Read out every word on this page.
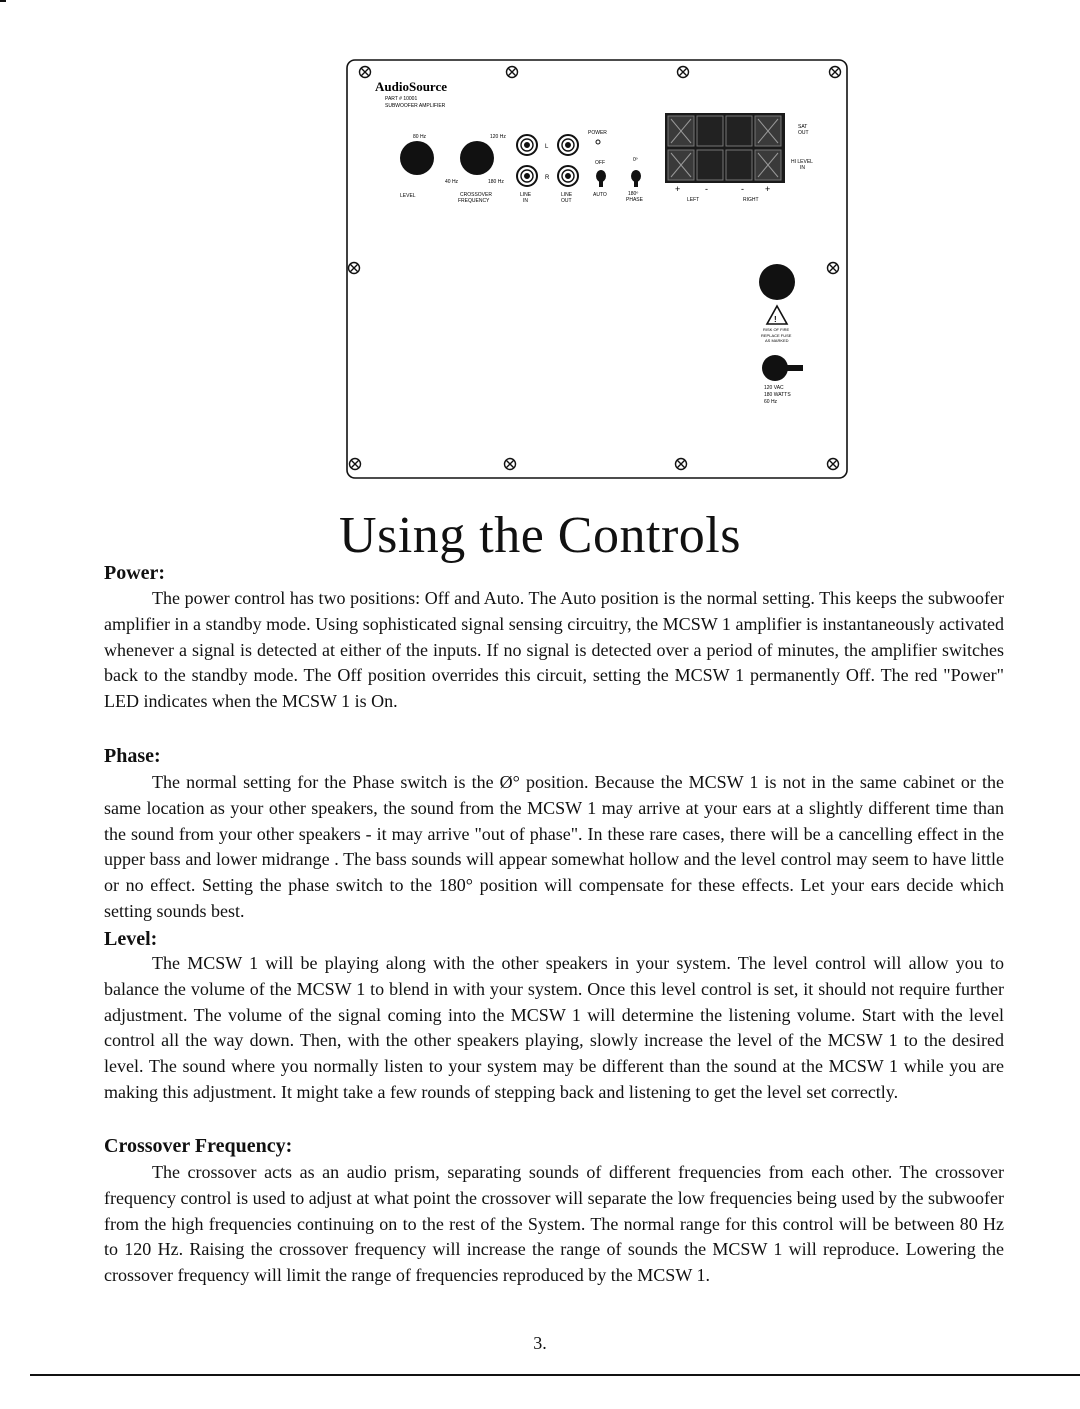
AudioSource
PART # 10001
SUBWOOFER AMPLIFIER
80 Hz	120 Hz
40 Hz	180 Hz
LEVEL	CROSSOVER
FREQUENCY
L
R
LINE
IN
LINE
OUT
POWER
OFF	0º
AUTO	180º
PHASE
+	-	- +
LEFT	RIGHT
SAT
OUT
HI LEVEL
IN
!
RISK OF FIRE
REPLACE FUSE
AS MARKED
120 VAC
180 WATTS
60 Hz
Using the Controls
Power:

The power control has two positions: Off and Auto. The Auto position is the normal setting. This keeps the subwoofer amplifier in a standby mode. Using sophisticated signal sensing circuitry, the MCSW 1 amplifier is instantaneously activated whenever a signal is detected at either of the inputs. If no signal is detected over a period of minutes, the amplifier switches back to the standby mode. The Off position overrides this circuit, setting the MCSW 1 permanently Off. The red "Power" LED indicates when the MCSW 1 is On.

Phase:

The normal setting for the Phase switch is the Ø° position. Because the MCSW 1 is not in the same cabinet or the same location as your other speakers, the sound from the MCSW 1 may arrive at your ears at a slightly different time than the sound from your other speakers - it may arrive "out of phase". In these rare cases, there will be a cancelling effect in the upper bass and lower midrange . The bass sounds will appear somewhat hollow and the level control may seem to have little or no effect. Setting the phase switch to the 180° position will compensate for these effects. Let your ears decide which setting sounds best.

Level:

The MCSW 1 will be playing along with the other speakers in your system. The level control will allow you to balance the volume of the MCSW 1 to blend in with your system. Once this level control is set, it should not require further adjustment. The volume of the signal coming into the MCSW 1 will determine the listening volume. Start with the level control all the way down. Then, with the other speakers playing, slowly increase the level of the MCSW 1 to the desired level. The sound where you normally listen to your system may be different than the sound at the MCSW 1 while you are making this adjustment. It might take a few rounds of stepping back and listening to get the level set correctly.

Crossover Frequency:

The crossover acts as an audio prism, separating sounds of different frequencies from each other. The crossover frequency control is used to adjust at what point the crossover will separate the low frequencies being used by the subwoofer from the high frequencies continuing on to the rest of the System. The normal range for this control will be between 80 Hz to 120 Hz. Raising the crossover frequency will increase the range of sounds the MCSW 1 will reproduce. Lowering the crossover frequency will limit the range of frequencies reproduced by the MCSW 1.

3.
